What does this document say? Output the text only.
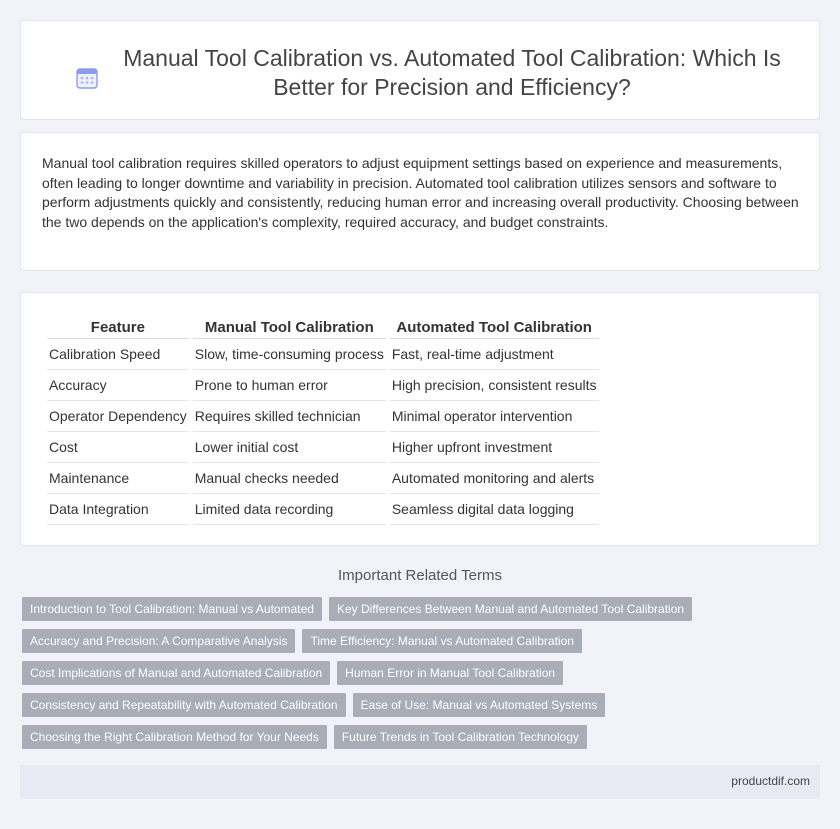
Manual Tool Calibration vs. Automated Tool Calibration: Which Is Better for Precision and Efficiency?

Manual tool calibration requires skilled operators to adjust equipment settings based on experience and measurements, often leading to longer downtime and variability in precision. Automated tool calibration utilizes sensors and software to perform adjustments quickly and consistently, reducing human error and increasing overall productivity. Choosing between the two depends on the application's complexity, required accuracy, and budget constraints.

Feature	Manual Tool Calibration	Automated Tool Calibration
Calibration Speed	Slow, time-consuming process	Fast, real-time adjustment
Accuracy	Prone to human error	High precision, consistent results
Operator Dependency	Requires skilled technician	Minimal operator intervention
Cost	Lower initial cost	Higher upfront investment
Maintenance	Manual checks needed	Automated monitoring and alerts
Data Integration	Limited data recording	Seamless digital data logging
Important Related Terms
Introduction to Tool Calibration: Manual vs Automated	Key Differences Between Manual and Automated Tool Calibration
Accuracy and Precision: A Comparative Analysis	Time Efficiency: Manual vs Automated Calibration
Cost Implications of Manual and Automated Calibration	Human Error in Manual Tool Calibration
Consistency and Repeatability with Automated Calibration	Ease of Use: Manual vs Automated Systems
Choosing the Right Calibration Method for Your Needs	Future Trends in Tool Calibration Technology
productdif.com
